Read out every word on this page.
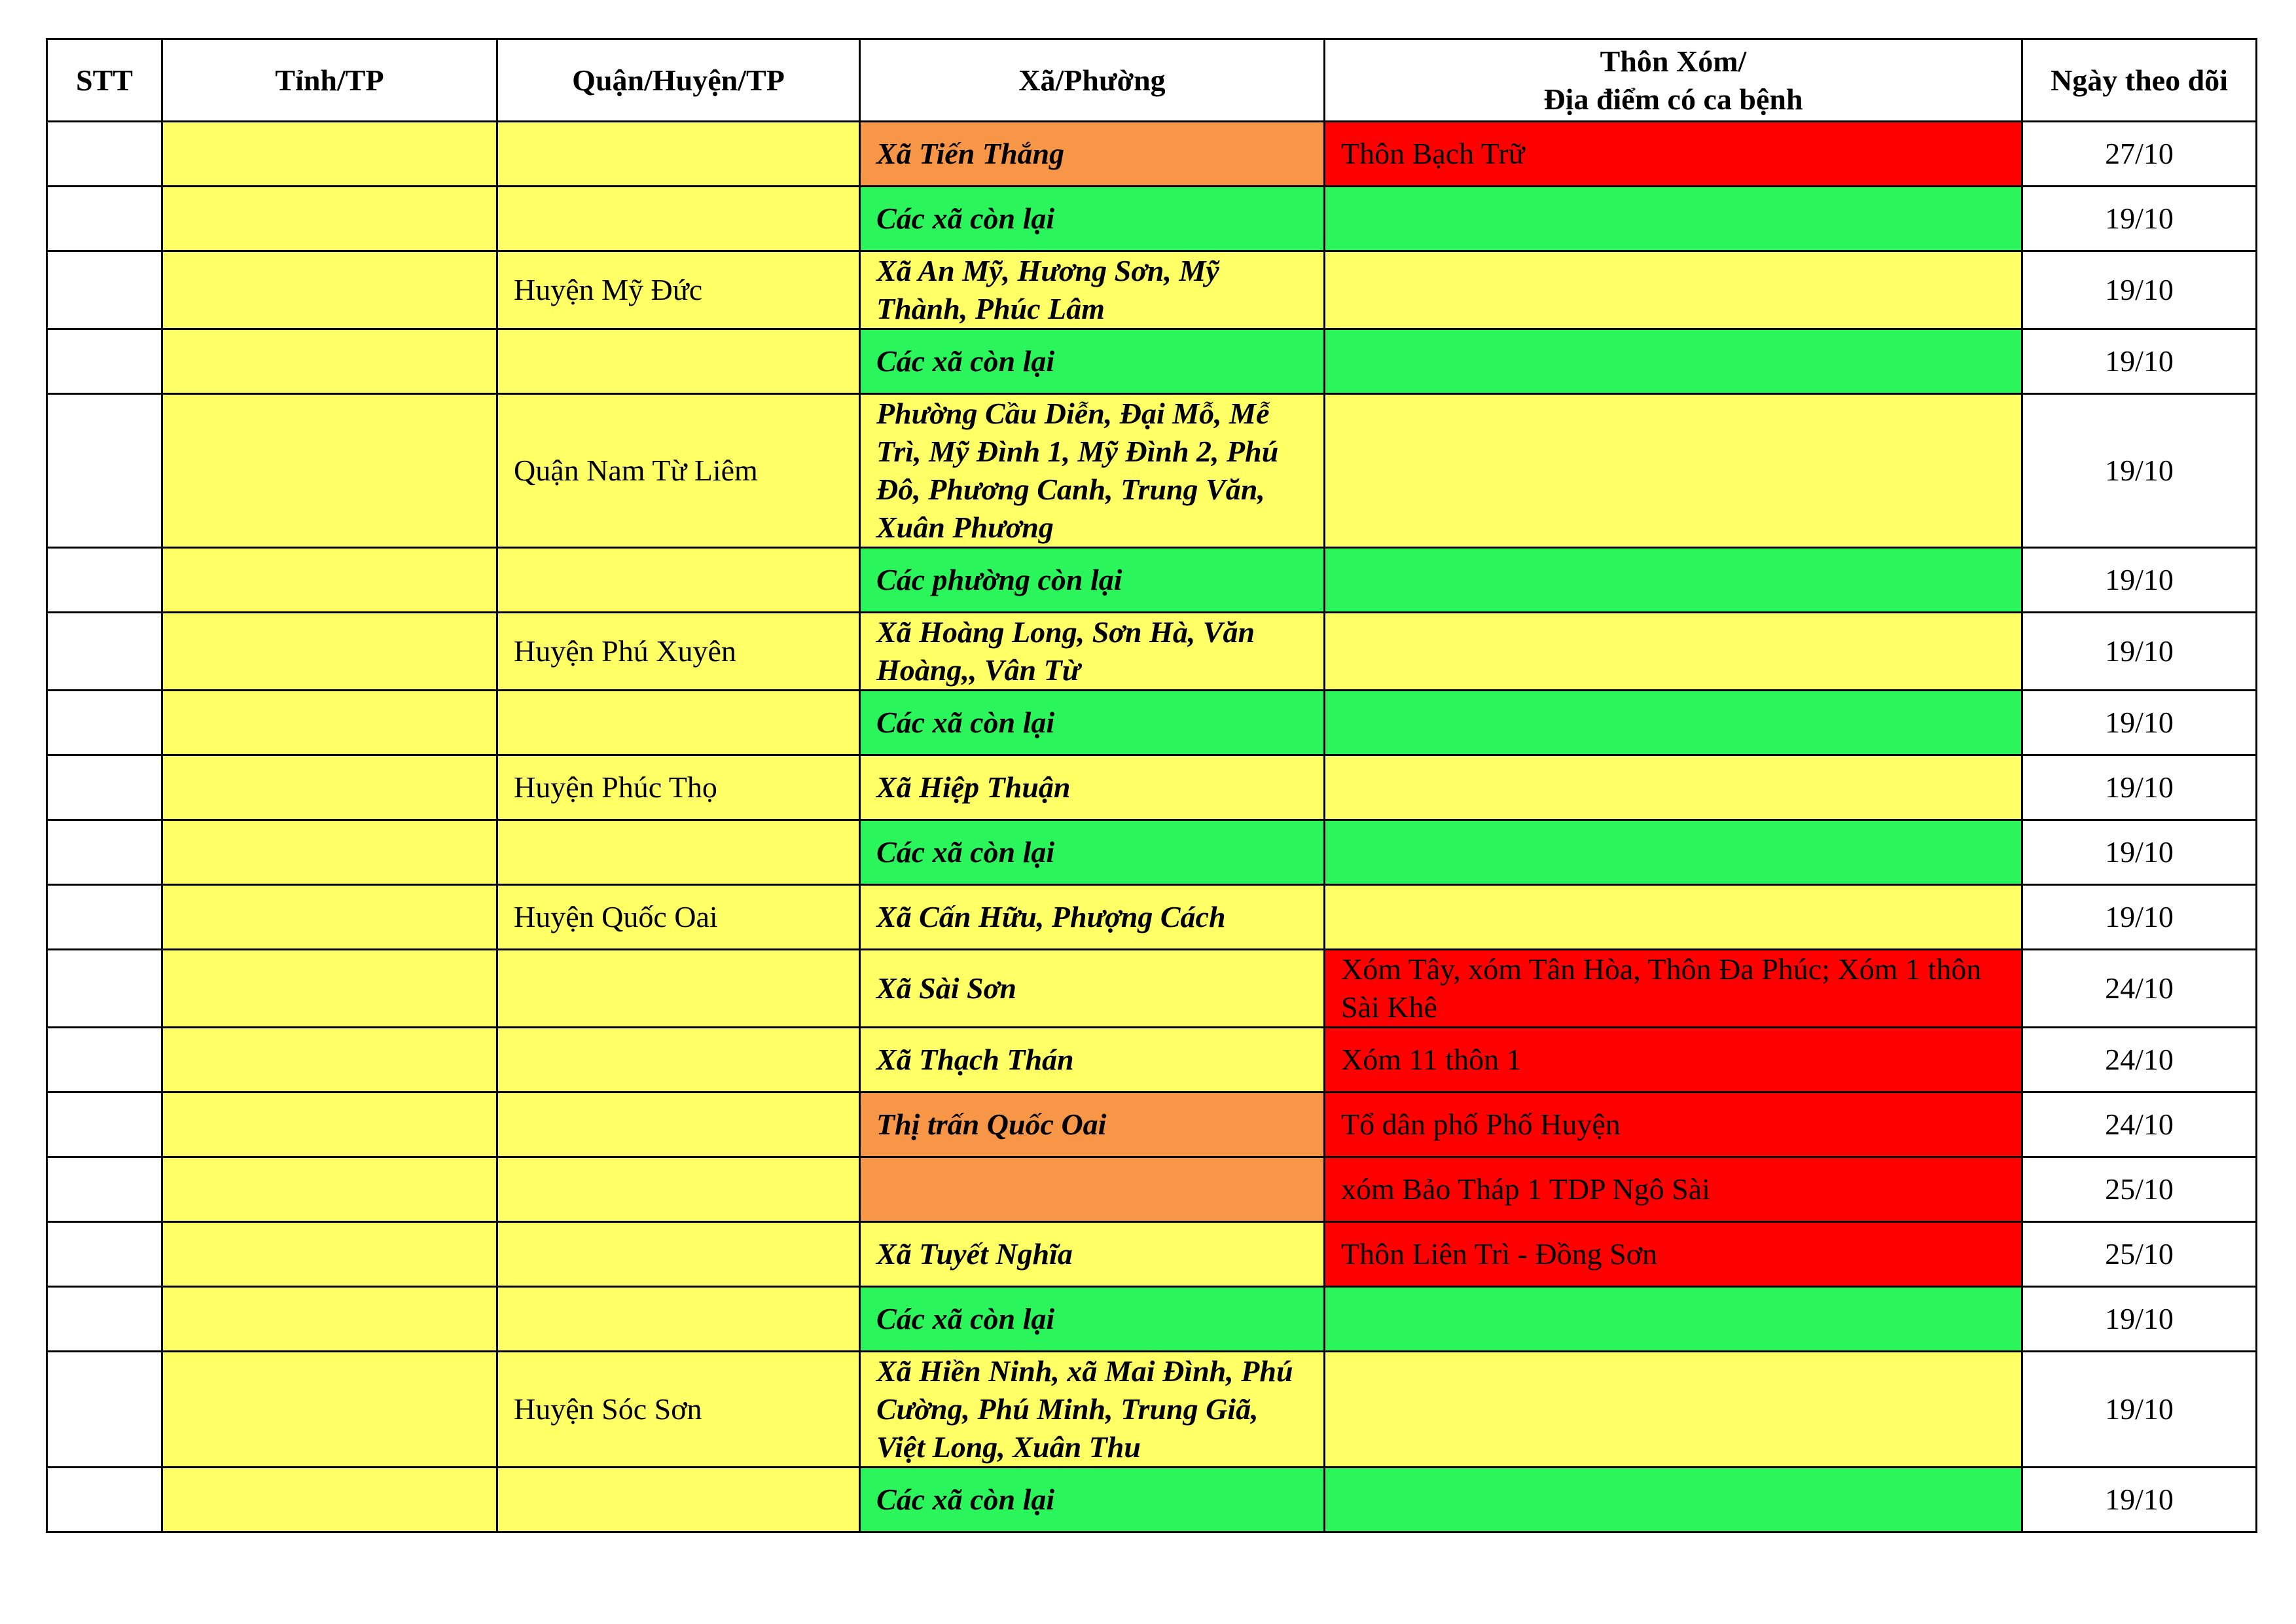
STT	Tỉnh/TP	Quận/Huyện/TP	Xã/Phường	Thôn Xóm/
Địa điểm có ca bệnh	Ngày theo dõi
			Xã Tiến Thắng	Thôn Bạch Trữ	27/10
			Các xã còn lại		19/10
		Huyện Mỹ Đức	Xã An Mỹ, Hương Sơn, Mỹ Thành, Phúc Lâm		19/10
			Các xã còn lại		19/10
		Quận Nam Từ Liêm	Phường Cầu Diễn, Đại Mỗ, Mễ Trì, Mỹ Đình 1, Mỹ Đình 2, Phú Đô, Phương Canh, Trung Văn, Xuân Phương		19/10
			Các phường còn lại		19/10
		Huyện Phú Xuyên	Xã Hoàng Long, Sơn Hà, Văn Hoàng,, Vân Từ		19/10
			Các xã còn lại		19/10
		Huyện Phúc Thọ	Xã Hiệp Thuận		19/10
			Các xã còn lại		19/10
		Huyện Quốc Oai	Xã Cấn Hữu, Phượng Cách		19/10
			Xã Sài Sơn	Xóm Tây, xóm Tân Hòa, Thôn Đa Phúc; Xóm 1 thôn Sài Khê	24/10
			Xã Thạch Thán	Xóm 11 thôn 1	24/10
			Thị trấn Quốc Oai	Tổ dân phố Phố Huyện	24/10
				xóm Bảo Tháp 1 TDP Ngô Sài	25/10
			Xã Tuyết Nghĩa	Thôn Liên Trì - Đồng Sơn	25/10
			Các xã còn lại		19/10
		Huyện Sóc Sơn	Xã Hiền Ninh, xã Mai Đình, Phú Cường, Phú Minh, Trung Giã, Việt Long, Xuân Thu		19/10
			Các xã còn lại		19/10
